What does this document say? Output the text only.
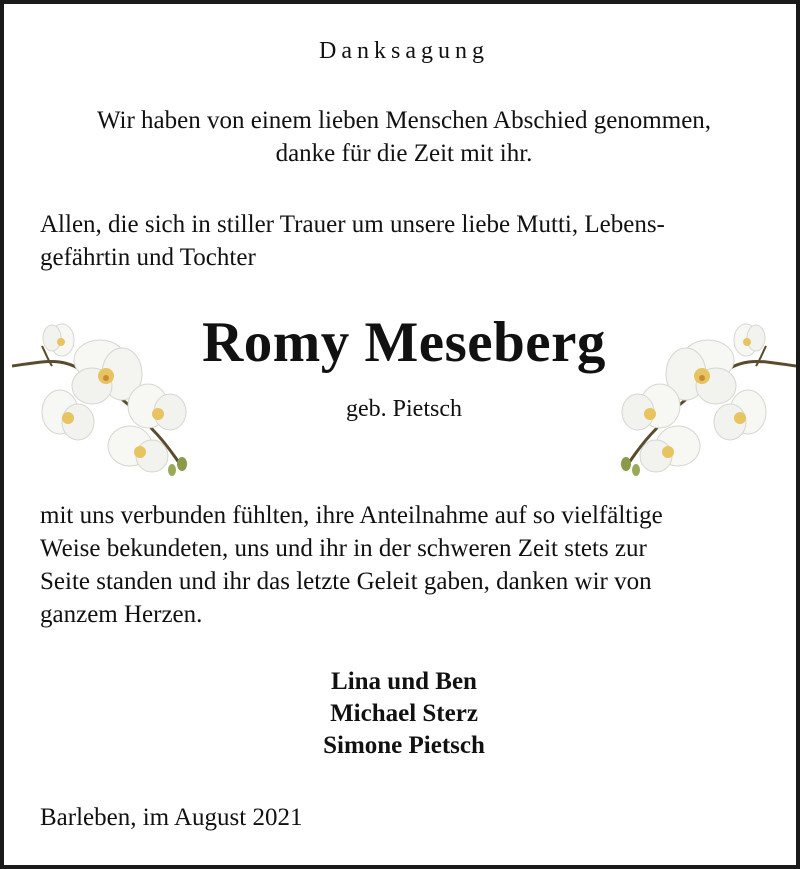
Danksagung
Wir haben von einem lieben Menschen Abschied genommen,
danke für die Zeit mit ihr.
Allen, die sich in stiller Trauer um unsere liebe Mutti, Lebens-
gefährtin und Tochter
Romy Meseberg
geb. Pietsch
mit uns verbunden fühlten, ihre Anteilnahme auf so vielfältige
Weise bekundeten, uns und ihr in der schweren Zeit stets zur
Seite standen und ihr das letzte Geleit gaben, danken wir von
ganzem Herzen.
Lina und Ben
Michael Sterz
Simone Pietsch
Barleben, im August 2021
